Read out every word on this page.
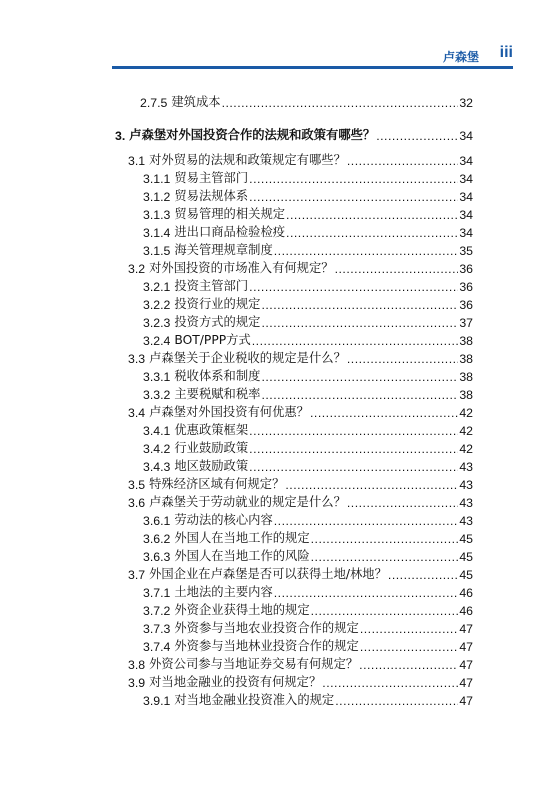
卢森堡 iii
2.7.5 建筑成本 .....	32
3. 卢森堡对外国投资合作的法规和政策有哪些？ .....	34
3.1 对外贸易的法规和政策规定有哪些？ .....	34
3.1.1 贸易主管部门 .....	34
3.1.2 贸易法规体系 .....	34
3.1.3 贸易管理的相关规定 .....	34
3.1.4 进出口商品检验检疫 .....	34
3.1.5 海关管理规章制度 .....	35
3.2 对外国投资的市场准入有何规定？ .....	36
3.2.1 投资主管部门 .....	36
3.2.2 投资行业的规定 .....	36
3.2.3 投资方式的规定 .....	37
3.2.4 BOT/PPP方式 .....	38
3.3 卢森堡关于企业税收的规定是什么？ .....	38
3.3.1 税收体系和制度 .....	38
3.3.2 主要税赋和税率 .....	38
3.4 卢森堡对外国投资有何优惠？ .....	42
3.4.1 优惠政策框架 .....	42
3.4.2 行业鼓励政策 .....	42
3.4.3 地区鼓励政策 .....	43
3.5 特殊经济区域有何规定？ .....	43
3.6 卢森堡关于劳动就业的规定是什么？ .....	43
3.6.1 劳动法的核心内容 .....	43
3.6.2 外国人在当地工作的规定 .....	45
3.6.3 外国人在当地工作的风险 .....	45
3.7 外国企业在卢森堡是否可以获得土地/林地？ .....	45
3.7.1 土地法的主要内容 .....	46
3.7.2 外资企业获得土地的规定 .....	46
3.7.3 外资参与当地农业投资合作的规定 .....	47
3.7.4 外资参与当地林业投资合作的规定 .....	47
3.8 外资公司参与当地证券交易有何规定？ .....	47
3.9 对当地金融业的投资有何规定？ .....	47
3.9.1 对当地金融业投资准入的规定 .....	47
